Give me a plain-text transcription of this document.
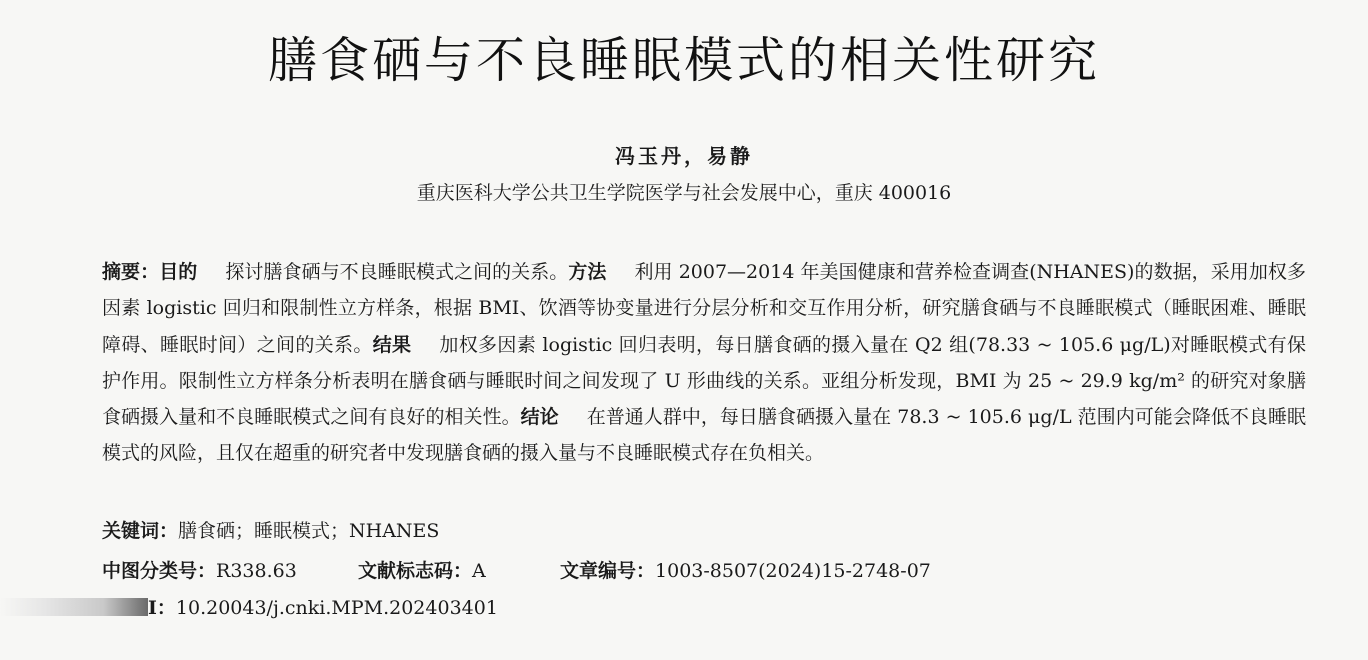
膳食硒与不良睡眠模式的相关性研究
冯玉丹，易静
重庆医科大学公共卫生学院医学与社会发展中心，重庆 400016
摘要：目的 探讨膳食硒与不良睡眠模式之间的关系。方法 利用 2007—2014 年美国健康和营养检查调查(NHANES)的数据，采用加权多因素 logistic 回归和限制性立方样条，根据 BMI、饮酒等协变量进行分层分析和交互作用分析，研究膳食硒与不良睡眠模式（睡眠困难、睡眠障碍、睡眠时间）之间的关系。结果 加权多因素 logistic 回归表明，每日膳食硒的摄入量在 Q2 组(78.33 ~ 105.6 μg/L)对睡眠模式有保护作用。限制性立方样条分析表明在膳食硒与睡眠时间之间发现了 U 形曲线的关系。亚组分析发现，BMI 为 25 ~ 29.9 kg/m² 的研究对象膳食硒摄入量和不良睡眠模式之间有良好的相关性。结论 在普通人群中，每日膳食硒摄入量在 78.3 ~ 105.6 μg/L 范围内可能会降低不良睡眠模式的风险，且仅在超重的研究者中发现膳食硒的摄入量与不良睡眠模式存在负相关。
关键词：膳食硒；睡眠模式；NHANES
中图分类号：R338.63	文献标志码：A	文章编号：1003-8507(2024)15-2748-07
I：10.20043/j.cnki.MPM.202403401
